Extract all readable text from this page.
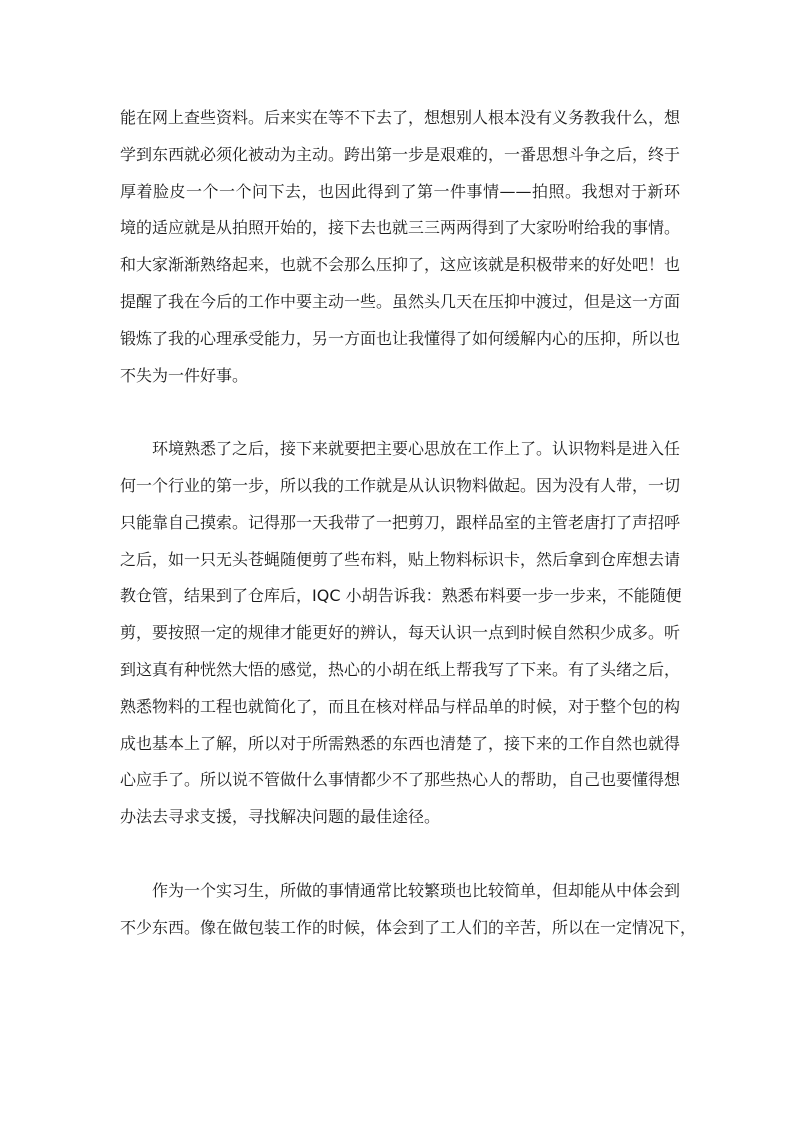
能在网上查些资料。后来实在等不下去了，想想别人根本没有义务教我什么，想
学到东西就必须化被动为主动。跨出第一步是艰难的，一番思想斗争之后，终于
厚着脸皮一个一个问下去，也因此得到了第一件事情——拍照。我想对于新环
境的适应就是从拍照开始的，接下去也就三三两两得到了大家吩咐给我的事情。
和大家渐渐熟络起来，也就不会那么压抑了，这应该就是积极带来的好处吧！也
提醒了我在今后的工作中要主动一些。虽然头几天在压抑中渡过，但是这一方面
锻炼了我的心理承受能力，另一方面也让我懂得了如何缓解内心的压抑，所以也
不失为一件好事。

环境熟悉了之后，接下来就要把主要心思放在工作上了。认识物料是进入任
何一个行业的第一步，所以我的工作就是从认识物料做起。因为没有人带，一切
只能靠自己摸索。记得那一天我带了一把剪刀，跟样品室的主管老唐打了声招呼
之后，如一只无头苍蝇随便剪了些布料，贴上物料标识卡，然后拿到仓库想去请
教仓管，结果到了仓库后，IQC 小胡告诉我：熟悉布料要一步一步来，不能随便
剪，要按照一定的规律才能更好的辨认，每天认识一点到时候自然积少成多。听
到这真有种恍然大悟的感觉，热心的小胡在纸上帮我写了下来。有了头绪之后，
熟悉物料的工程也就简化了，而且在核对样品与样品单的时候，对于整个包的构
成也基本上了解，所以对于所需熟悉的东西也清楚了，接下来的工作自然也就得
心应手了。所以说不管做什么事情都少不了那些热心人的帮助，自己也要懂得想
办法去寻求支援，寻找解决问题的最佳途径。

作为一个实习生，所做的事情通常比较繁琐也比较简单，但却能从中体会到
不少东西。像在做包装工作的时候，体会到了工人们的辛苦，所以在一定情况下，
